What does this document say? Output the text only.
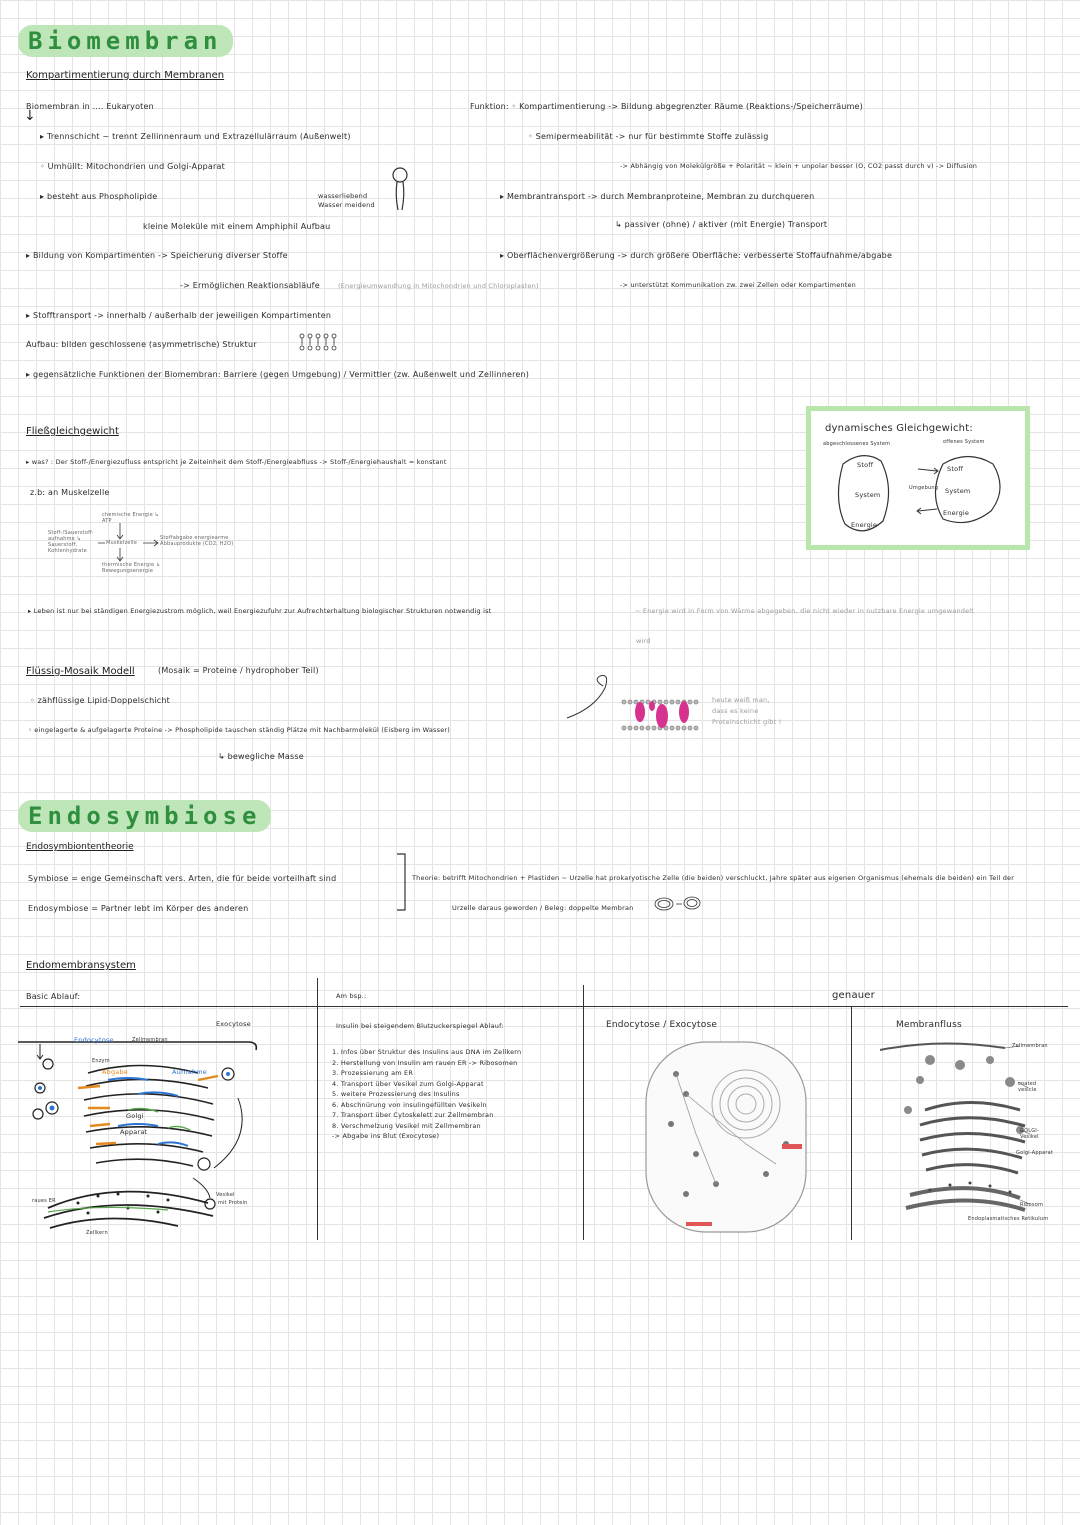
Biomembran
Kompartimentierung durch Membranen
Biomembran in .... Eukaryoten
↓
▸ Trennschicht ~ trennt Zellinnenraum und Extrazellulärraum (Außenwelt)
◦ Umhüllt: Mitochondrien und Golgi-Apparat
▸ besteht aus Phospholipide
kleine Moleküle mit einem Amphiphil Aufbau
wasserliebend
Wasser meidend
▸ Bildung von Kompartimenten -> Speicherung diverser Stoffe
-> Ermöglichen Reaktionsabläufe	(Energieumwandlung in Mitochondrien und Chloroplasten)
▸ Stofftransport -> innerhalb / außerhalb der jeweiligen Kompartimenten
Aufbau: bilden geschlossene (asymmetrische) Struktur
▸ gegensätzliche Funktionen der Biomembran: Barriere (gegen Umgebung) / Vermittler (zw. Außenwelt und Zellinneren)
Funktion: ◦ Kompartimentierung -> Bildung abgegrenzter Räume (Reaktions-/Speicherräume)
◦ Semipermeabilität -> nur für bestimmte Stoffe zulässig
-> Abhängig von Molekülgröße + Polarität ~ klein + unpolar besser (O, CO2 passt durch v) -> Diffusion
▸ Membrantransport -> durch Membranproteine, Membran zu durchqueren
↳ passiver (ohne) / aktiver (mit Energie) Transport
▸ Oberflächenvergrößerung -> durch größere Oberfläche: verbesserte Stoffaufnahme/abgabe
-> unterstützt Kommunikation zw. zwei Zellen oder Kompartimenten
Fließgleichgewicht
▸ was? : Der Stoff-/Energiezufluss entspricht je Zeiteinheit dem Stoff-/Energieabfluss -> Stoff-/Energiehaushalt = konstant
z.b: an Muskelzelle
chemische Energie ↳ ATP
Stoff-/Sauerstoff-aufnahme ↳ Sauerstoff, Kohlenhydrate
Muskelzelle
Stoffabgabe energiearme Abbauprodukte (CO2, H2O)
thermische Energie ↳ Bewegungsenergie
▸ Leben ist nur bei ständigen Energiezustrom möglich, weil Energiezufuhr zur Aufrechterhaltung biologischer Strukturen notwendig ist	~ Energie wird in Form von Wärme abgegeben, die nicht wieder in nutzbare Energie umgewandelt
wird
dynamisches Gleichgewicht:
abgeschlossenes System	offenes System
Stoff
System
Energie
Umgebung
Stoff
System
Energie
Flüssig-Mosaik Modell	(Mosaik = Proteine / hydrophober Teil)
◦ zähflüssige Lipid-Doppelschicht
◦ eingelagerte & aufgelagerte Proteine -> Phospholipide tauschen ständig Plätze mit Nachbarmolekül (Eisberg im Wasser)
↳ bewegliche Masse
heute weiß man,
dass es keine
Proteinschicht gibt !
Endosymbiose
Endosymbiontentheorie
Symbiose = enge Gemeinschaft vers. Arten, die für beide vorteilhaft sind
Endosymbiose = Partner lebt im Körper des anderen
Theorie: betrifft Mitochondrien + Plastiden ~ Urzelle hat prokaryotische Zelle (die beiden) verschluckt, Jahre später aus eigenen Organismus (ehemals die beiden) ein Teil der
Urzelle daraus geworden / Beleg: doppelte Membran
Endomembransystem
Basic Ablauf:	Am bsp.:	genauer
Exocytose
Endocytose	Zellmembran
Enzym
Abgabe	Aufnahme
Golgi
Apparat
raues ER
Zellkern
Vesikel
mit Protein
Insulin bei steigendem Blutzuckerspiegel Ablauf:
1. Infos über Struktur des Insulins aus DNA im Zellkern
2. Herstellung von Insulin am rauen ER -> Ribosomen
3. Prozessierung am ER
4. Transport über Vesikel zum Golgi-Apparat
5. weitere Prozessierung des Insulins
6. Abschnürung von insulingefüllten Vesikeln
7. Transport über Cytoskelett zur Zellmembran
8. Verschmelzung Vesikel mit Zellmembran
-> Abgabe ins Blut (Exocytose)
Endocytose / Exocytose	Membranfluss
Zellmembran
coated vesicle
GOLGI-Vesikel
Golgi-Apparat
Ribosom
Endoplasmatisches Retikulum
